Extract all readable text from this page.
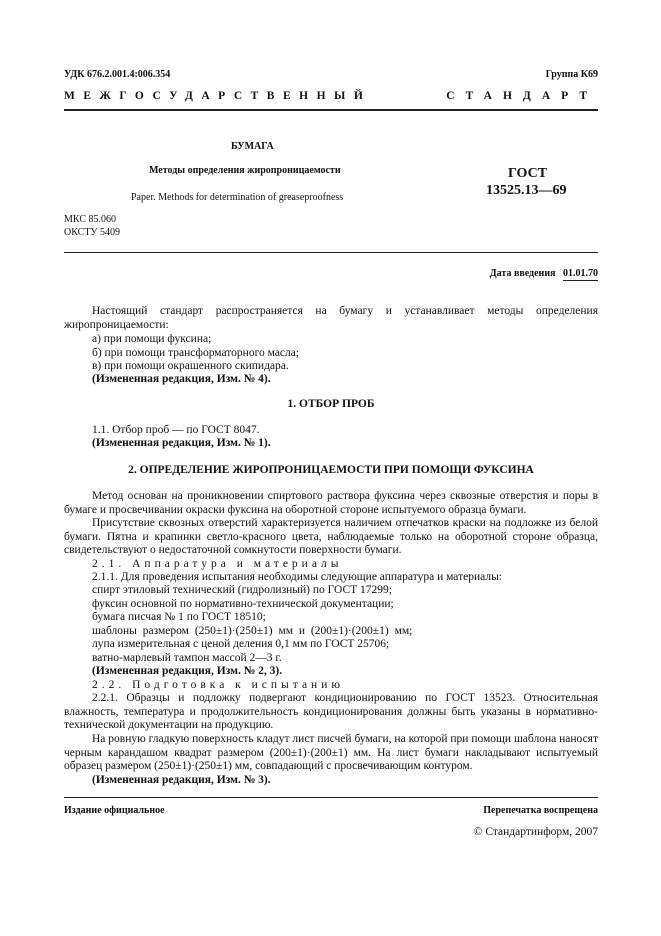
УДК 676.2.001.4:006.354	Группа К69
МЕЖГОСУДАРСТВЕННЫЙ	СТАНДАРТ
БУМАГА
Методы определения жиропроницаемости
Paper. Methods for determination of greaseproofness
ГОСТ
13525.13—69
МКС 85.060
ОКСТУ 5409
Дата введения 01.01.70
Настоящий стандарт распространяется на бумагу и устанавливает методы определения жиропроницаемости:
а) при помощи фуксина;
б) при помощи трансформаторного масла;
в) при помощи окрашенного скипидара.
(Измененная редакция, Изм. № 4).
1. ОТБОР ПРОБ
1.1. Отбор проб — по ГОСТ 8047.
(Измененная редакция, Изм. № 1).
2. ОПРЕДЕЛЕНИЕ ЖИРОПРОНИЦАЕМОСТИ ПРИ ПОМОЩИ ФУКСИНА
Метод основан на проникновении спиртового раствора фуксина через сквозные отверстия и поры в бумаге и просвечивании окраски фуксина на оборотной стороне испытуемого образца бумаги.
Присутствие сквозных отверстий характеризуется наличием отпечатков краски на подложке из белой бумаги. Пятна и крапинки светло-красного цвета, наблюдаемые только на оборотной стороне образца, свидетельствуют о недостаточной сомкнутости поверхности бумаги.
2.1. Аппаратура и материалы
2.1.1. Для проведения испытания необходимы следующие аппаратура и материалы:
спирт этиловый технический (гидролизный) по ГОСТ 17299;
фуксин основной по нормативно-технической документации;
бумага писчая № 1 по ГОСТ 18510;
шаблоны размером (250±1)·(250±1) мм и (200±1)·(200±1) мм;
лупа измерительная с ценой деления 0,1 мм по ГОСТ 25706;
ватно-марлевый тампон массой 2—3 г.
(Измененная редакция, Изм. № 2, 3).
2.2. Подготовка к испытанию
2.2.1. Образцы и подложку подвергают кондиционированию по ГОСТ 13523. Относительная влажность, температура и продолжительность кондиционирования должны быть указаны в нормативно-технической документации на продукцию.
На ровную гладкую поверхность кладут лист писчей бумаги, на которой при помощи шаблона наносят черным карандашом квадрат размером (200±1)·(200±1) мм. На лист бумаги накладывают испытуемый образец размером (250±1)·(250±1) мм, совпадающий с просвечивающим контуром.
(Измененная редакция, Изм. № 3).
Издание официальное	Перепечатка воспрещена
© Стандартинформ, 2007
